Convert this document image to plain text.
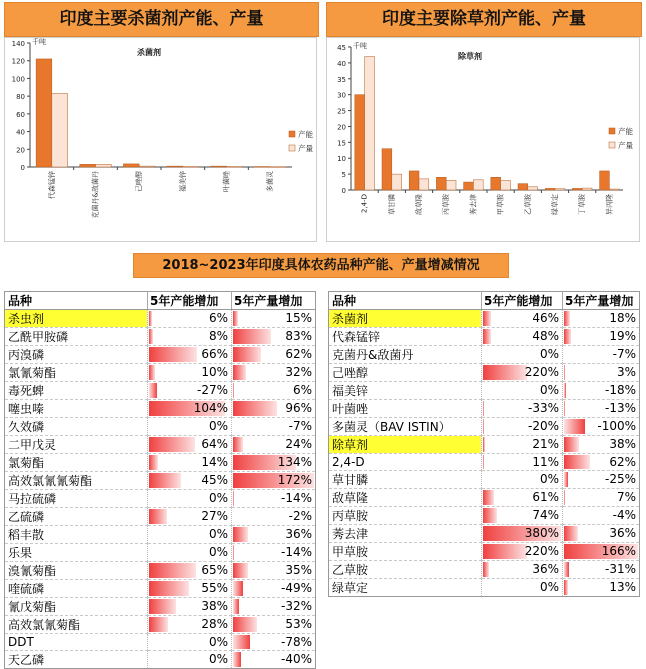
印度主要杀菌剂产能、产量	印度主要除草剂产能、产量
0
20
40
60
80
100
120
140 千吨
杀菌剂
代森锰锌	克菌丹&敌菌丹	己唑醇	福美锌	叶菌唑	多菌灵
产能
产量
0
5
10
15
20
25
30
35
40
45 千吨
除草剂
2,4-D	草甘膦	敌草隆	丙草胺	莠去津	甲草胺	乙草胺	绿草定	丁草胺	异丙隆
产能
产量
2018~2023年印度具体农药品种产能、产量增减情况
品种	5年产能增加	5年产量增加
杀虫剂	6%	15%

乙酰甲胺磷	8%	83%

丙溴磷	66%	62%

氯氰菊酯	10%	32%

毒死蜱	-27%	6%

噻虫嗪	104%	96%

久效磷	0%	-7%

二甲戊灵	64%	24%

氯菊酯	14%	134%

高效氯氰氰菊酯	45%	172%

马拉硫磷	0%	-14%

乙硫磷	27%	-2%

稻丰散	0%	36%

乐果	0%	-14%

溴氰菊酯	65%	35%

喹硫磷	55%	-49%

氰戊菊酯	38%	-32%

高效氯氰菊酯	28%	53%

DDT	0%	-78%

天乙磷	0%	-40%
品种	5年产能增加	5年产量增加
杀菌剂	46%	18%

代森锰锌	48%	19%

克菌丹&敌菌丹	0%	-7%

己唑醇	220%	3%

福美锌	0%	-18%

叶菌唑	-33%	-13%

多菌灵（BAV ISTIN）	-20%	-100%

除草剂	21%	38%

2,4-D	11%	62%

草甘膦	0%	-25%

敌草隆	61%	7%

丙草胺	74%	-4%

莠去津	380%	36%

甲草胺	220%	166%

乙草胺	36%	-31%

绿草定	0%	13%
